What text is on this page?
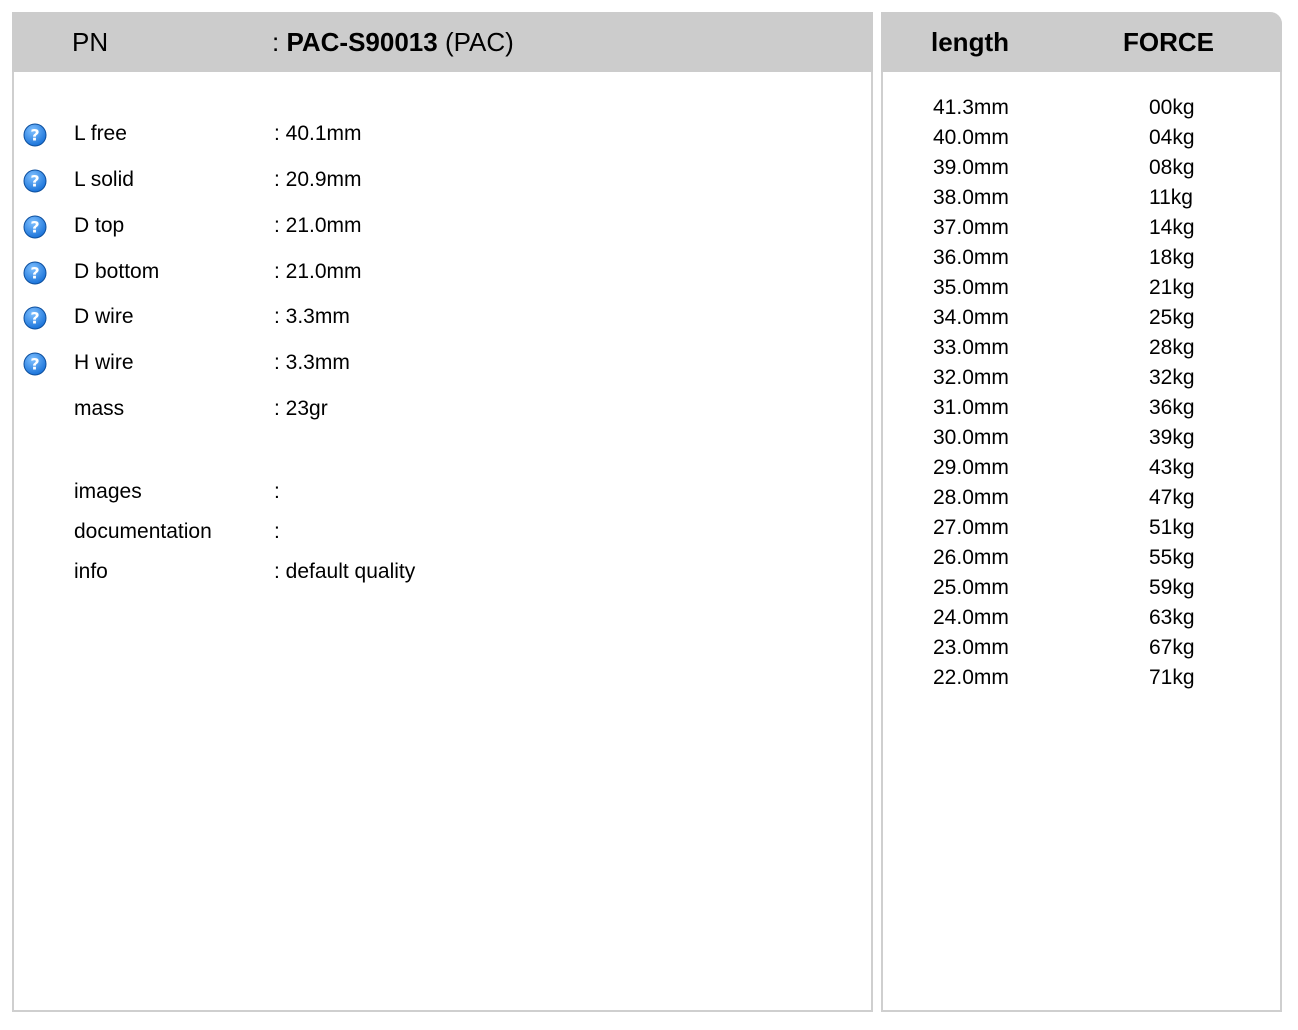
PN	: PAC-S90013 (PAC)
? L free	: 40.1mm
? L solid	: 20.9mm
? D top	: 21.0mm
? D bottom	: 21.0mm
? D wire	: 3.3mm
? H wire	: 3.3mm
mass	: 23gr
images	:
documentation	:
info	: default quality
length	FORCE
41.3mm	00kg
40.0mm	04kg
39.0mm	08kg
38.0mm	11kg
37.0mm	14kg
36.0mm	18kg
35.0mm	21kg
34.0mm	25kg
33.0mm	28kg
32.0mm	32kg
31.0mm	36kg
30.0mm	39kg
29.0mm	43kg
28.0mm	47kg
27.0mm	51kg
26.0mm	55kg
25.0mm	59kg
24.0mm	63kg
23.0mm	67kg
22.0mm	71kg
